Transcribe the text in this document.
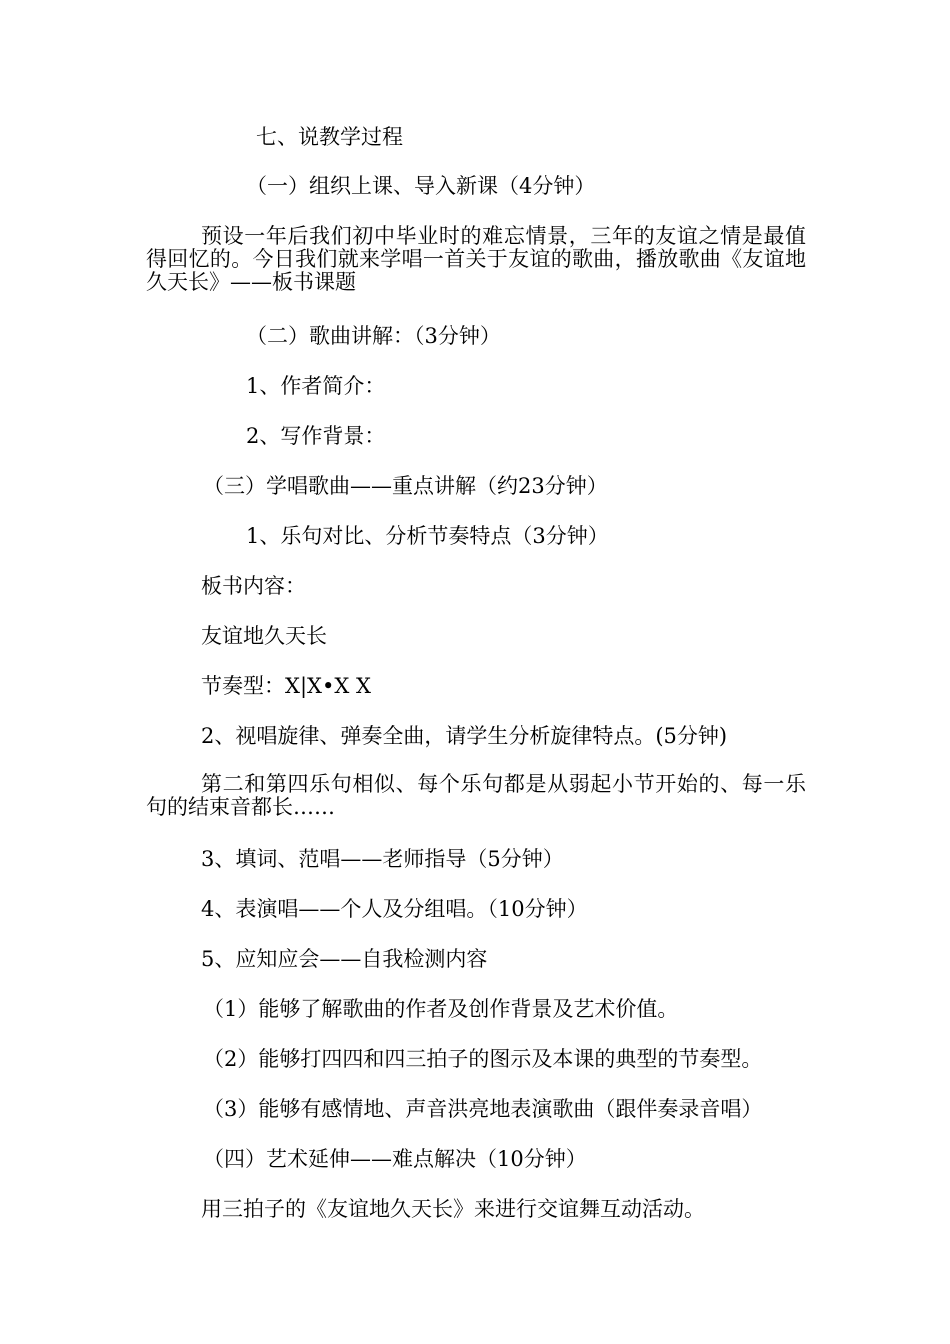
七、说教学过程
（一）组织上课、导入新课（4分钟）
预设一年后我们初中毕业时的难忘情景，三年的友谊之情是最值得回忆的。今日我们就来学唱一首关于友谊的歌曲，播放歌曲《友谊地久天长》——板书课题
（二）歌曲讲解：（3分钟）
1、作者简介：
2、写作背景：
（三）学唱歌曲——重点讲解（约23分钟）
1、乐句对比、分析节奏特点（3分钟）
板书内容：
友谊地久天长
节奏型：X|X•X X
2、视唱旋律、弹奏全曲，请学生分析旋律特点。(5分钟)
第二和第四乐句相似、每个乐句都是从弱起小节开始的、每一乐句的结束音都长……
3、填词、范唱——老师指导（5分钟）
4、表演唱——个人及分组唱。（10分钟）
5、应知应会——自我检测内容
（1）能够了解歌曲的作者及创作背景及艺术价值。
（2）能够打四四和四三拍子的图示及本课的典型的节奏型。
（3）能够有感情地、声音洪亮地表演歌曲（跟伴奏录音唱）
（四）艺术延伸——难点解决（10分钟）
用三拍子的《友谊地久天长》来进行交谊舞互动活动。
